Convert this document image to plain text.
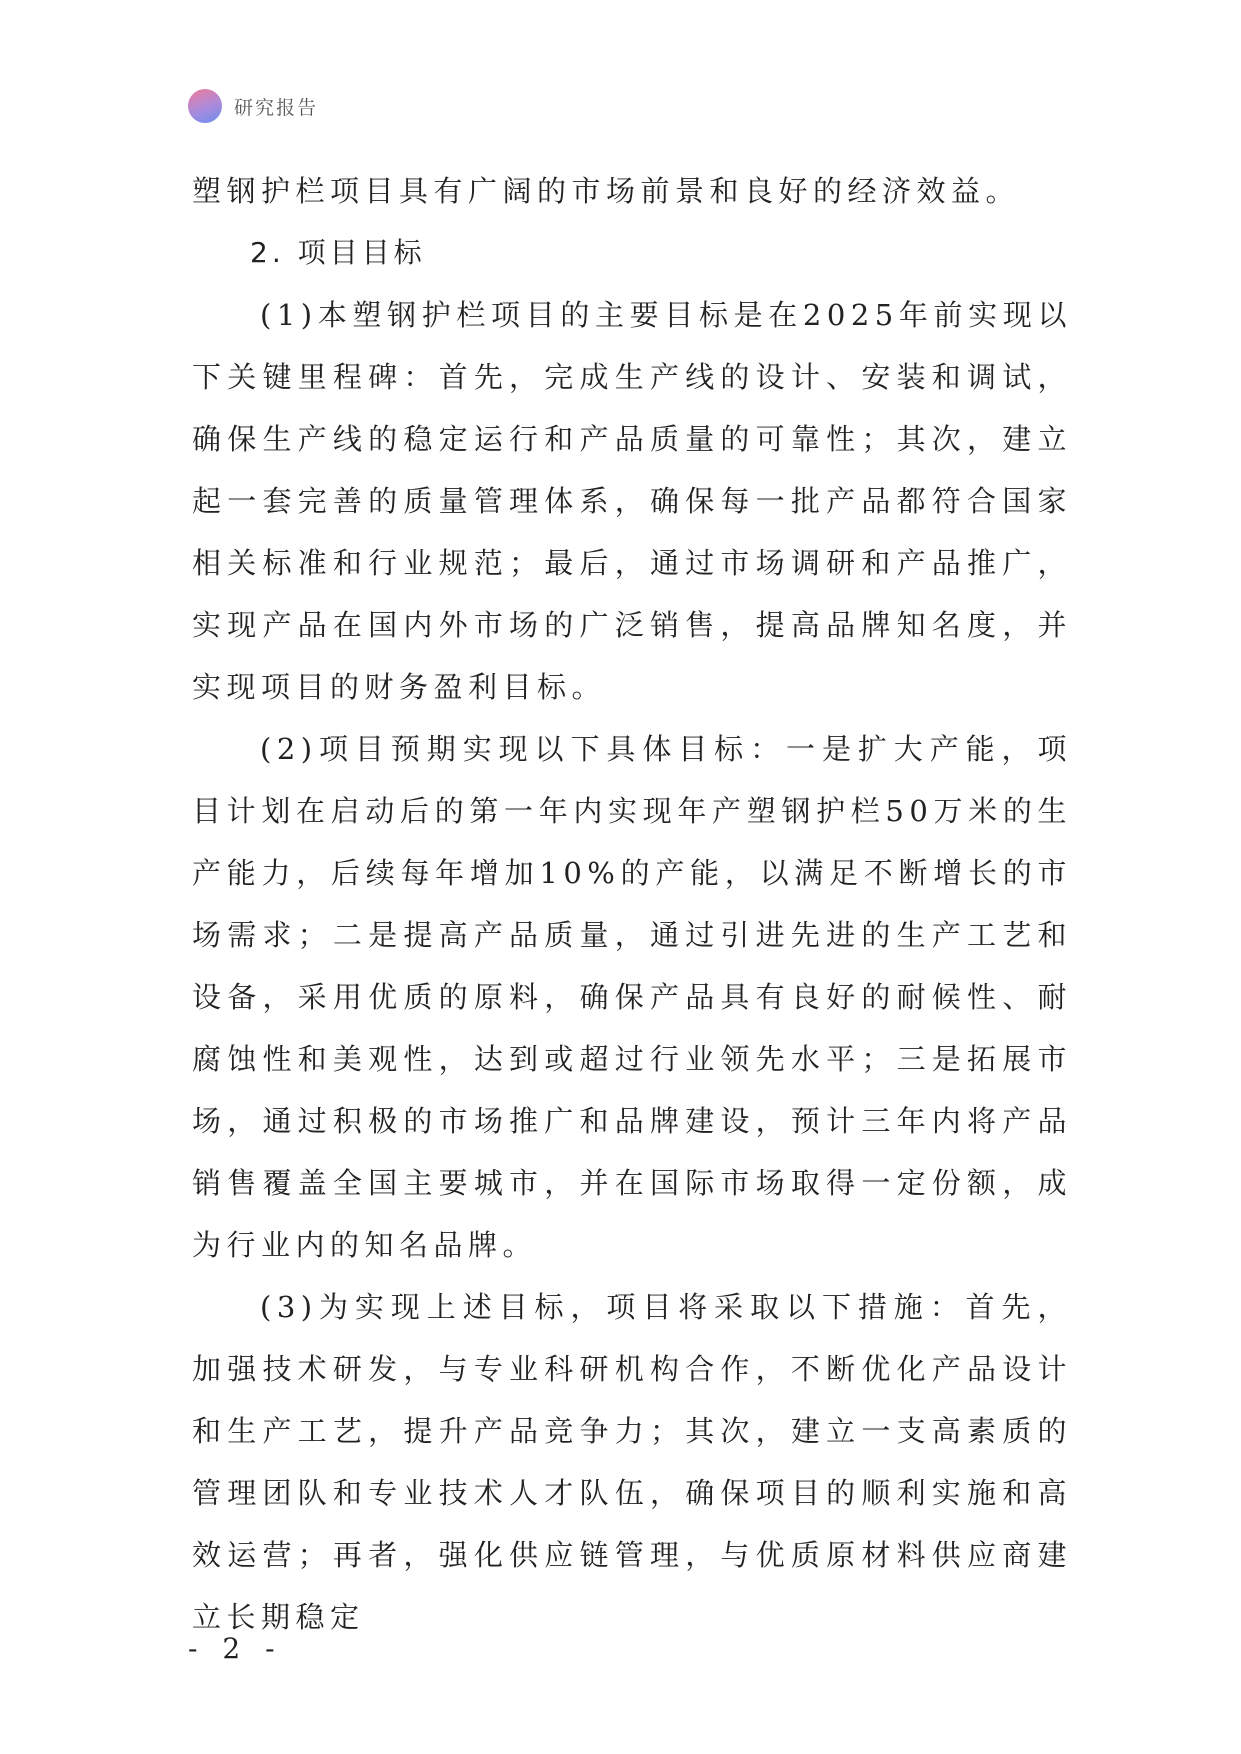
研究报告

塑钢护栏项目具有广阔的市场前景和良好的经济效益。

2. 项目目标

(1)本塑钢护栏项目的主要目标是在2025年前实现以下关键里程碑：首先，完成生产线的设计、安装和调试，确保生产线的稳定运行和产品质量的可靠性；其次，建立起一套完善的质量管理体系，确保每一批产品都符合国家相关标准和行业规范；最后，通过市场调研和产品推广，实现产品在国内外市场的广泛销售，提高品牌知名度，并实现项目的财务盈利目标。

(2)项目预期实现以下具体目标：一是扩大产能，项目计划在启动后的第一年内实现年产塑钢护栏50万米的生产能力，后续每年增加10%的产能，以满足不断增长的市场需求；二是提高产品质量，通过引进先进的生产工艺和设备，采用优质的原料，确保产品具有良好的耐候性、耐腐蚀性和美观性，达到或超过行业领先水平；三是拓展市场，通过积极的市场推广和品牌建设，预计三年内将产品销售覆盖全国主要城市，并在国际市场取得一定份额，成为行业内的知名品牌。

(3)为实现上述目标，项目将采取以下措施：首先，加强技术研发，与专业科研机构合作，不断优化产品设计和生产工艺，提升产品竞争力；其次，建立一支高素质的管理团队和专业技术人才队伍，确保项目的顺利实施和高效运营；再者，强化供应链管理，与优质原材料供应商建立长期稳定

- 2 -
